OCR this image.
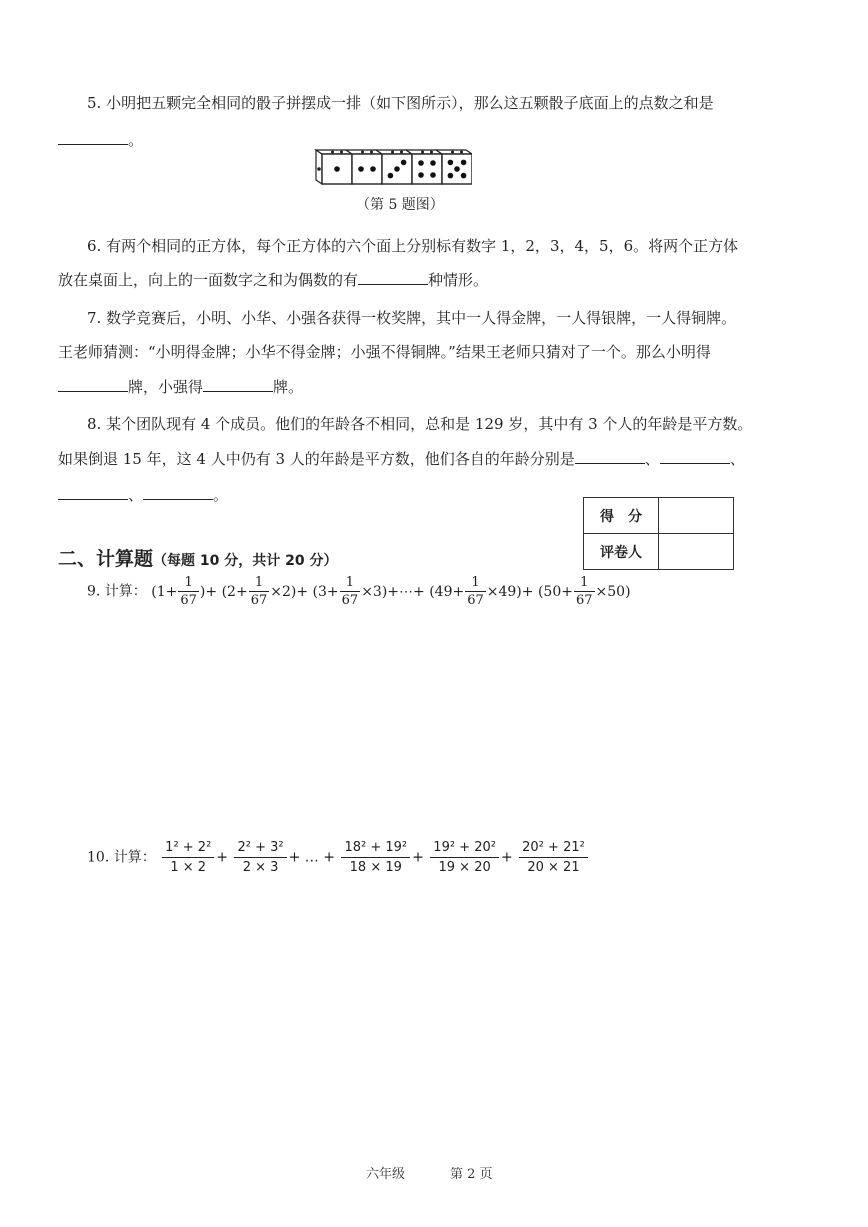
5. 小明把五颗完全相同的骰子拼摆成一排（如下图所示），那么这五颗骰子底面上的点数之和是
。
（第 5 题图）
6. 有两个相同的正方体，每个正方体的六个面上分别标有数字 1，2，3，4，5，6。将两个正方体
放在桌面上，向上的一面数字之和为偶数的有	种情形。
7. 数学竞赛后，小明、小华、小强各获得一枚奖牌，其中一人得金牌，一人得银牌，一人得铜牌。
王老师猜测：“小明得金牌；小华不得金牌；小强不得铜牌。”结果王老师只猜对了一个。那么小明得
牌，小强得	牌。
8. 某个团队现有 4 个成员。他们的年龄各不相同，总和是 129 岁，其中有 3 个人的年龄是平方数。
如果倒退 15 年，这 4 人中仍有 3 人的年龄是平方数，他们各自的年龄分别是	、	、
、	。
得　分	
评卷人	
二、计算题（每题 10 分，共计 20 分）
9. 计算： ($1+ \frac{1}{67}$ )+ $(2+ \frac{1}{67} \times 2)+ (3+ \frac{1}{67}$ ×3)+⋯+ $(49+ \frac{1}{67} \times 49)+ (50+ \frac{1}{67} \times 50)$
10. 计算： $\frac{\text{1² + 2²}}{1 \times 2} + \frac{\text{2² + 3²}}{2 \times 3}$ + … + $\frac{\text{18² + 19²}}{18 \times 19} + \frac{\text{19² + 20²}}{19 \times 20} + \frac{\text{20² + 21²}}{20 \times 21}$
六年级	第 2 页
